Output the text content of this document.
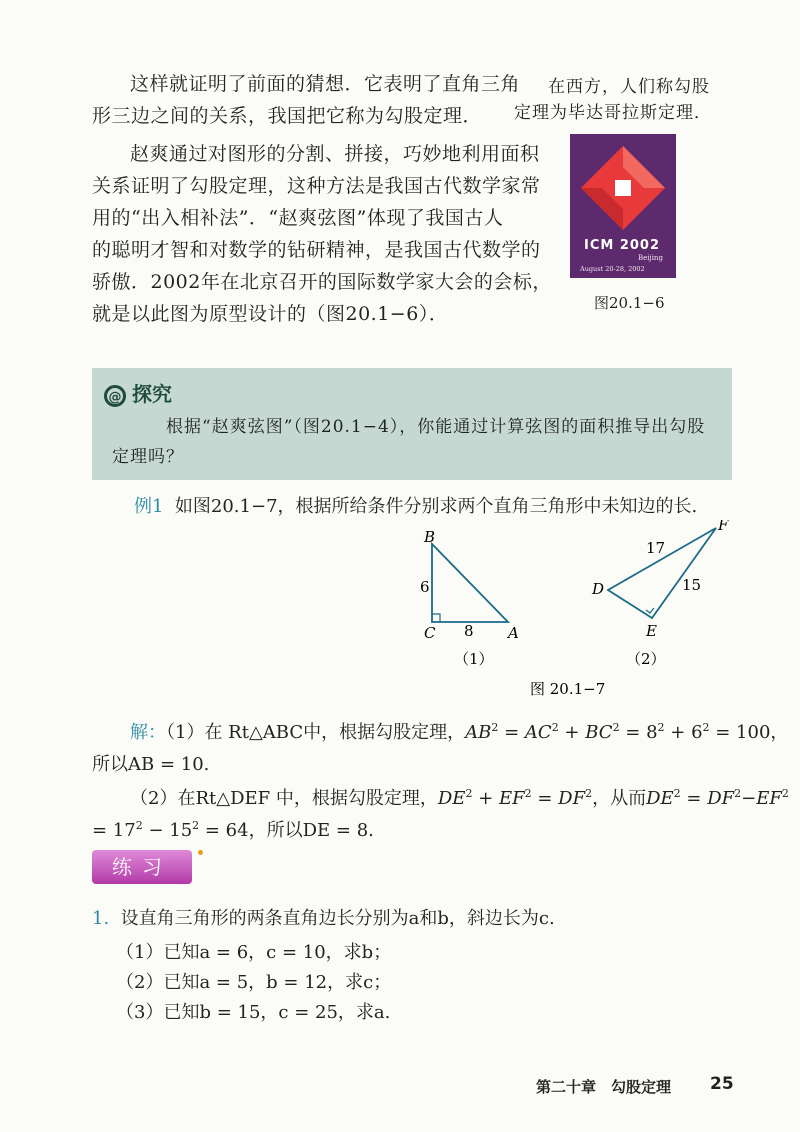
这样就证明了前面的猜想．它表明了直角三角
形三边之间的关系，我国把它称为勾股定理．
赵爽通过对图形的分割、拼接，巧妙地利用面积
关系证明了勾股定理，这种方法是我国古代数学家常
用的“出入相补法”．“赵爽弦图”体现了我国古人
的聪明才智和对数学的钻研精神，是我国古代数学的
骄傲．2002年在北京召开的国际数学家大会的会标，
就是以此图为原型设计的（图20.1−6）．
在西方，人们称勾股
定理为毕达哥拉斯定理．
ICM 2002
Beijing
August 20-28, 2002
图20.1−6
@ 探究
根据“赵爽弦图”（图20.1−4），你能通过计算弦图的面积推导出勾股定理吗？
例1 如图20.1−7，根据所给条件分别求两个直角三角形中未知边的长.
B
6
C 8 A
（1）
D
17
F
15
E
（2）
图 20.1−7
解：（1）在 Rt△ABC中，根据勾股定理，$AB^2 = AC^2 + BC^2 = 8^2 + 6^2 = 100$，
所以AB = 10.
（2）在Rt△DEF 中，根据勾股定理，$DE^2 + EF^2 = DF^2$，从而$DE^2 = DF^2-EF^2$
= $17^2 - 15^2 = 64$，所以DE = 8.
练习
1. 设直角三角形的两条直角边长分别为a和b，斜边长为c.
（1）已知a = 6，c = 10，求b；
（2）已知a = 5，b = 12，求c；
（3）已知b = 15，c = 25，求a.
第二十章　勾股定理 25
